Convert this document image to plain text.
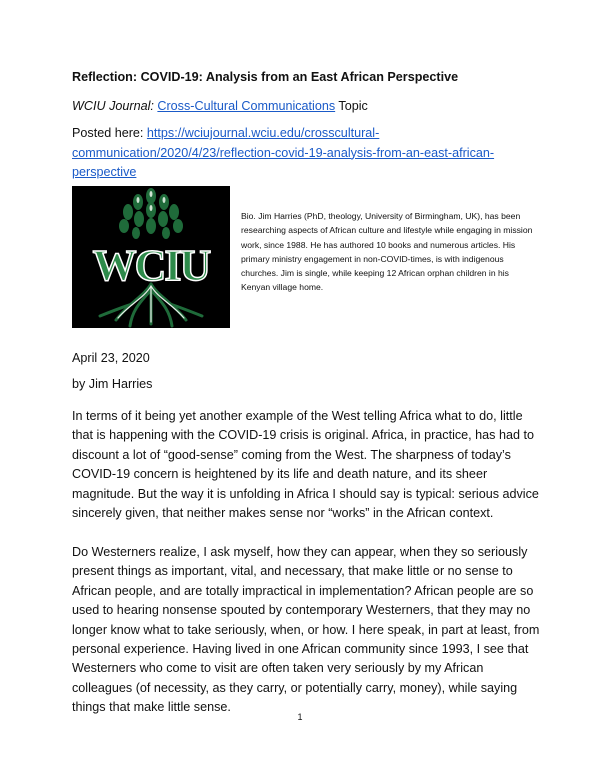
Reflection: COVID-19: Analysis from an East African Perspective
WCIU Journal: Cross-Cultural Communications Topic
Posted here: https://wciujournal.wciu.edu/crosscultural-communication/2020/4/23/reflection-covid-19-analysis-from-an-east-african-perspective
WCIU
Bio. Jim Harries (PhD, theology, University of Birmingham, UK), has been researching aspects of African culture and lifestyle while engaging in mission work, since 1988. He has authored 10 books and numerous articles. His primary ministry engagement in non-COVID-times, is with indigenous churches. Jim is single, while keeping 12 African orphan children in his Kenyan village home.
April 23, 2020
by Jim Harries
In terms of it being yet another example of the West telling Africa what to do, little that is happening with the COVID-19 crisis is original. Africa, in practice, has had to discount a lot of “good-sense” coming from the West. The sharpness of today’s COVID-19 concern is heightened by its life and death nature, and its sheer magnitude. But the way it is unfolding in Africa I should say is typical: serious advice sincerely given, that neither makes sense nor “works” in the African context.
Do Westerners realize, I ask myself, how they can appear, when they so seriously present things as important, vital, and necessary, that make little or no sense to African people, and are totally impractical in implementation? African people are so used to hearing nonsense spouted by contemporary Westerners, that they may no longer know what to take seriously, when, or how. I here speak, in part at least, from personal experience. Having lived in one African community since 1993, I see that Westerners who come to visit are often taken very seriously by my African colleagues (of necessity, as they carry, or potentially carry, money), while saying things that make little sense.
1
